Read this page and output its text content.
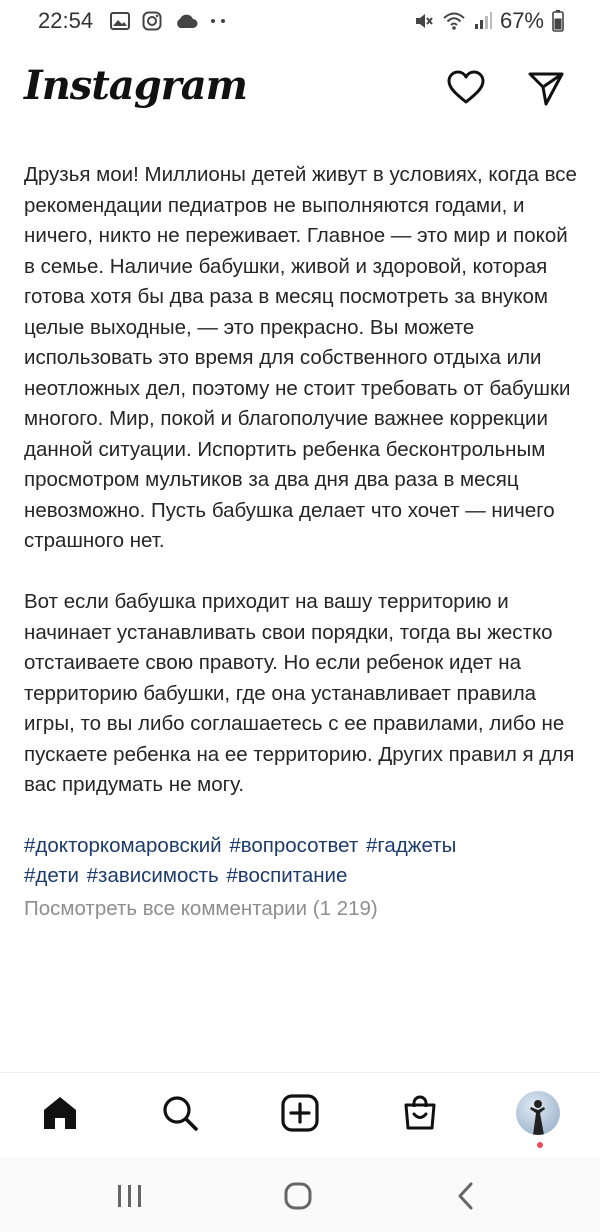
22:54	67%
Instagram

Друзья мои! Миллионы детей живут в условиях, когда все рекомендации педиатров не выполняются годами, и ничего, никто не переживает. Главное — это мир и покой в семье. Наличие бабушки, живой и здоровой, которая готова хотя бы два раза в месяц посмотреть за внуком целые выходные, — это прекрасно. Вы можете использовать это время для собственного отдыха или неотложных дел, поэтому не стоит требовать от бабушки многого. Мир, покой и благополучие важнее коррекции данной ситуации. Испортить ребенка бесконтрольным просмотром мультиков за два дня два раза в месяц невозможно. Пусть бабушка делает что хочет — ничего страшного нет.

Вот если бабушка приходит на вашу территорию и начинает устанавливать свои порядки, тогда вы жестко отстаиваете свою правоту. Но если ребенок идет на территорию бабушки, где она устанавливает правила игры, то вы либо соглашаетесь с ее правилами, либо не пускаете ребенка на ее территорию. Других правил я для вас придумать не могу.

#докторкомаровский #вопросответ #гаджеты
#дети #зависимость #воспитание
Посмотреть все комментарии (1 219)
